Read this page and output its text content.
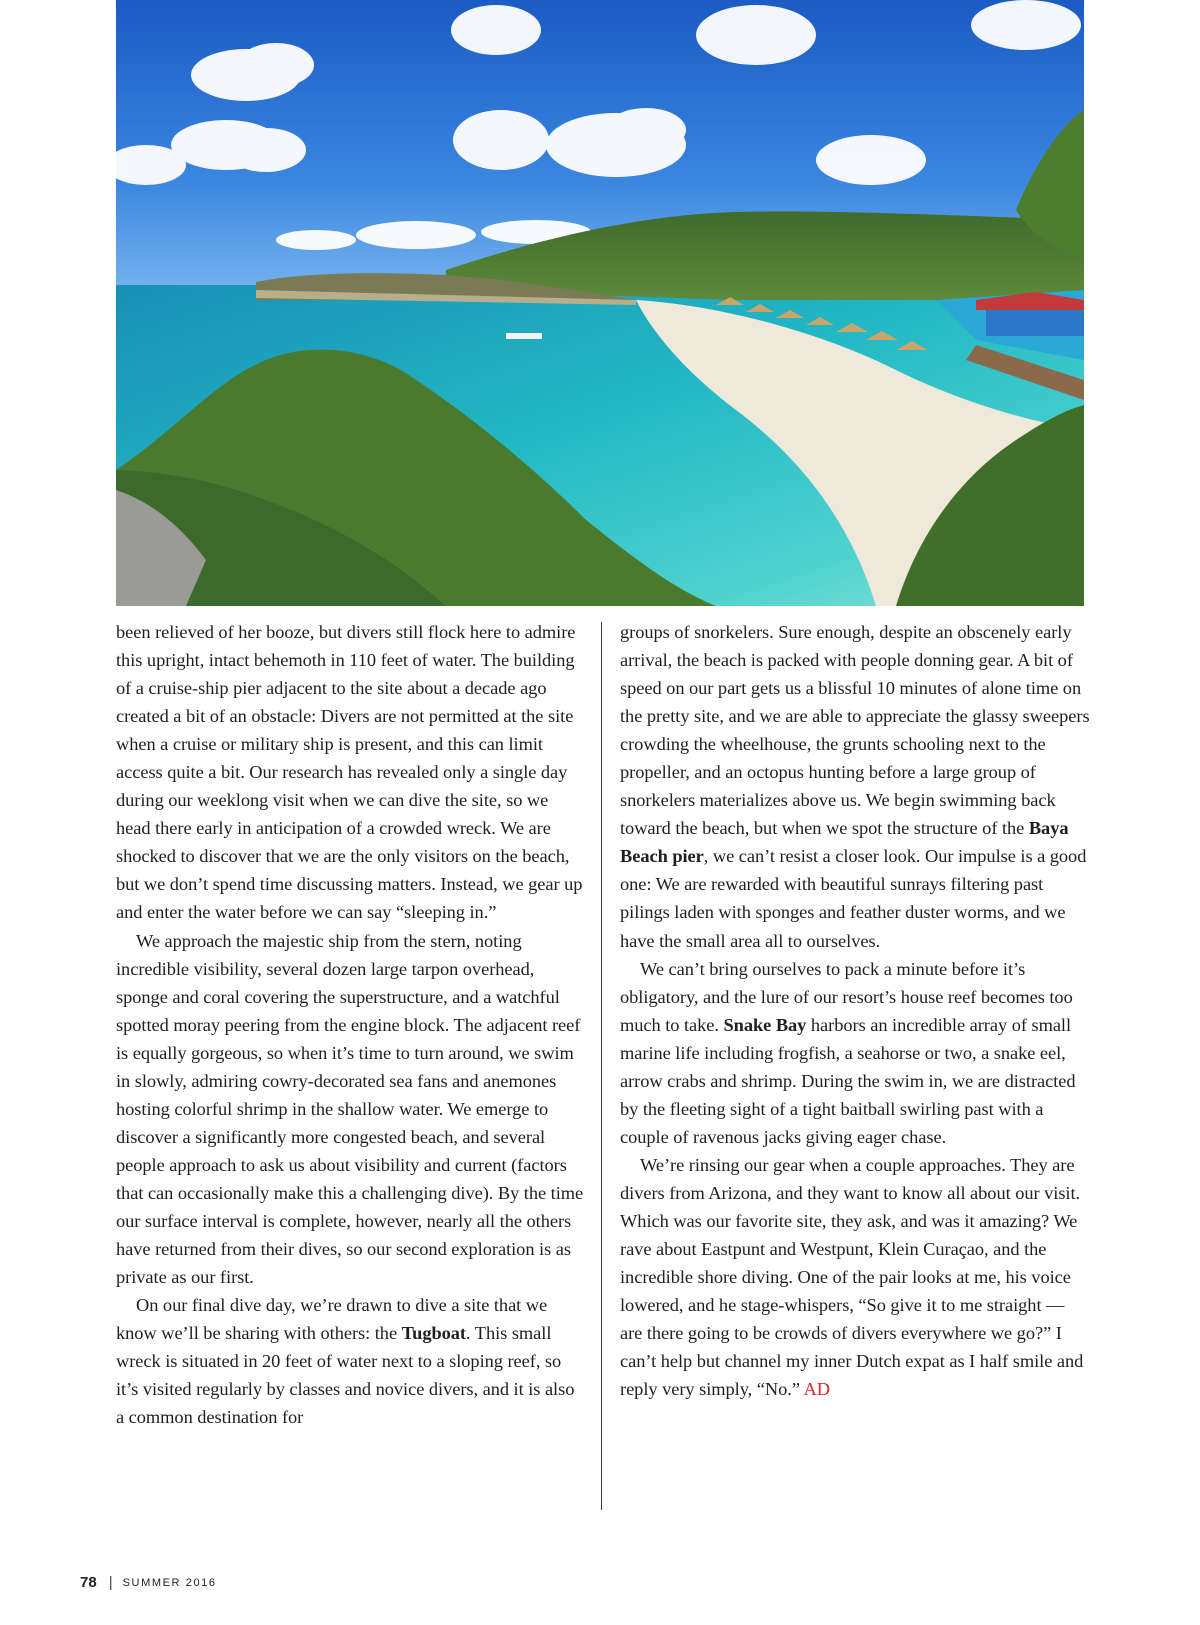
been relieved of her booze, but divers still flock here to admire this upright, intact behemoth in 110 feet of water. The building of a cruise-ship pier adjacent to the site about a decade ago created a bit of an obstacle: Divers are not permitted at the site when a cruise or military ship is present, and this can limit access quite a bit. Our research has revealed only a single day during our weeklong visit when we can dive the site, so we head there early in anticipation of a crowded wreck. We are shocked to discover that we are the only visitors on the beach, but we don’t spend time discussing matters. Instead, we gear up and enter the water before we can say “sleeping in.”

We approach the majestic ship from the stern, noting incredible visibility, several dozen large tarpon overhead, sponge and coral covering the superstructure, and a watchful spotted moray peering from the engine block. The adjacent reef is equally gorgeous, so when it’s time to turn around, we swim in slowly, admiring cowry-decorated sea fans and anemones hosting colorful shrimp in the shallow water. We emerge to discover a significantly more congested beach, and several people approach to ask us about visibility and current (factors that can occasionally make this a challenging dive). By the time our surface interval is complete, however, nearly all the others have returned from their dives, so our second exploration is as private as our first.

On our final dive day, we’re drawn to dive a site that we know we’ll be sharing with others: the Tugboat. This small wreck is situated in 20 feet of water next to a sloping reef, so it’s visited regularly by classes and novice divers, and it is also a common destination for

groups of snorkelers. Sure enough, despite an obscenely early arrival, the beach is packed with people donning gear. A bit of speed on our part gets us a blissful 10 minutes of alone time on the pretty site, and we are able to appreciate the glassy sweepers crowding the wheelhouse, the grunts schooling next to the propeller, and an octopus hunting before a large group of snorkelers materializes above us. We begin swimming back toward the beach, but when we spot the structure of the Baya Beach pier, we can’t resist a closer look. Our impulse is a good one: We are rewarded with beautiful sunrays filtering past pilings laden with sponges and feather duster worms, and we have the small area all to ourselves.

We can’t bring ourselves to pack a minute before it’s obligatory, and the lure of our resort’s house reef becomes too much to take. Snake Bay harbors an incredible array of small marine life including frogfish, a seahorse or two, a snake eel, arrow crabs and shrimp. During the swim in, we are distracted by the fleeting sight of a tight baitball swirling past with a couple of ravenous jacks giving eager chase.

We’re rinsing our gear when a couple approaches. They are divers from Arizona, and they want to know all about our visit. Which was our favorite site, they ask, and was it amazing? We rave about Eastpunt and Westpunt, Klein Curaçao, and the incredible shore diving. One of the pair looks at me, his voice lowered, and he stage-whispers, “So give it to me straight — are there going to be crowds of divers everywhere we go?” I can’t help but channel my inner Dutch expat as I half smile and reply very simply, “No.” AD

78 | SUMMER 2016
